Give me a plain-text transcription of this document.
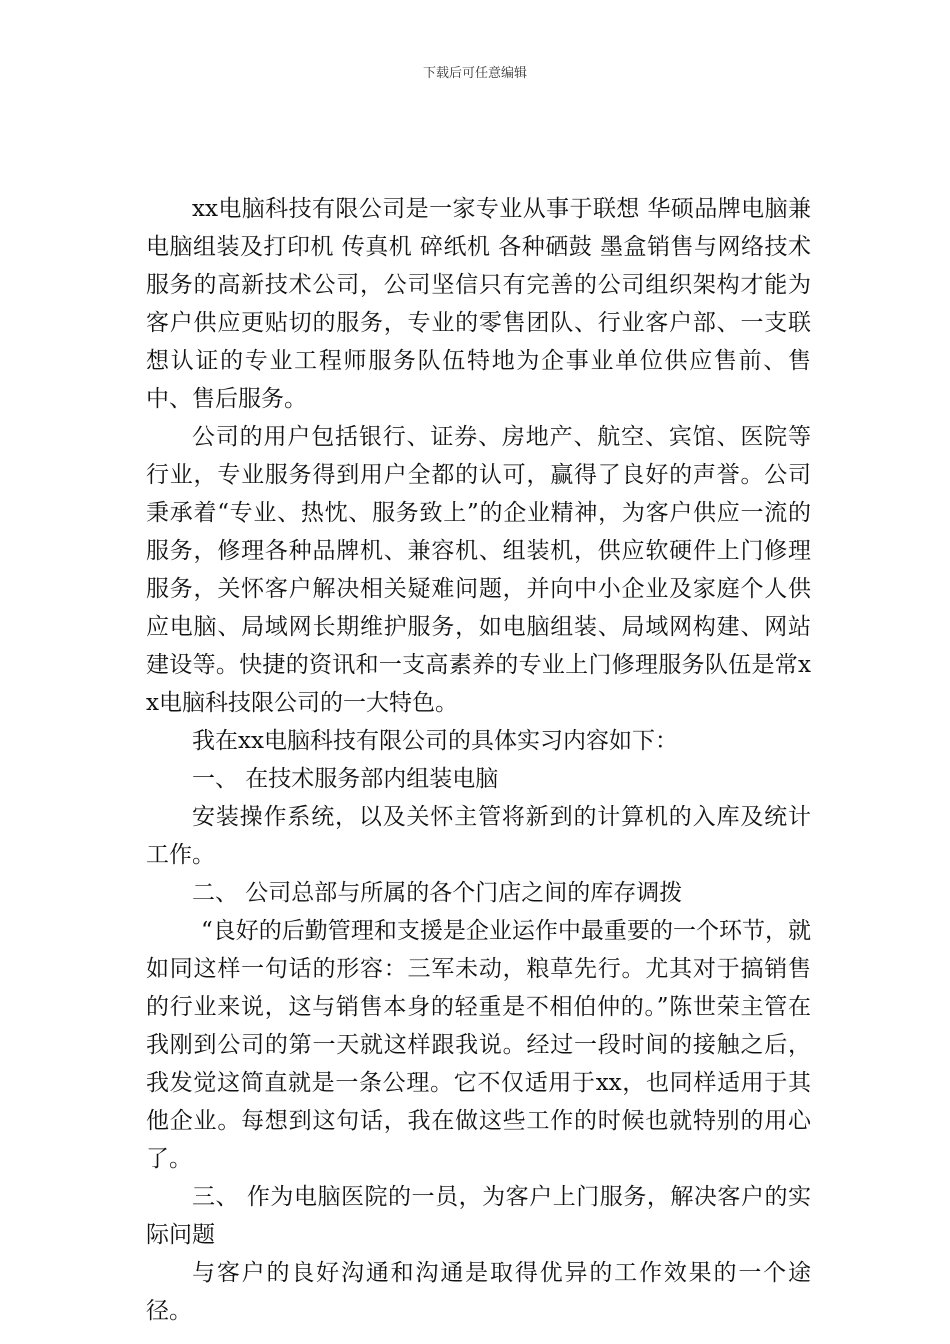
下载后可任意编辑

xx电脑科技有限公司是一家专业从事于联想 华硕品牌电脑兼电脑组装及打印机 传真机 碎纸机 各种硒鼓 墨盒销售与网络技术服务的高新技术公司，公司坚信只有完善的公司组织架构才能为客户供应更贴切的服务，专业的零售团队、行业客户部、一支联想认证的专业工程师服务队伍特地为企事业单位供应售前、售中、售后服务。

公司的用户包括银行、证券、房地产、航空、宾馆、医院等行业，专业服务得到用户全都的认可，赢得了良好的声誉。公司秉承着“专业、热忱、服务致上”的企业精神，为客户供应一流的服务，修理各种品牌机、兼容机、组装机，供应软硬件上门修理服务，关怀客户解决相关疑难问题，并向中小企业及家庭个人供应电脑、局域网长期维护服务，如电脑组装、局域网构建、网站建设等。快捷的资讯和一支高素养的专业上门修理服务队伍是常xx电脑科技限公司的一大特色。

我在xx电脑科技有限公司的具体实习内容如下：

一、 在技术服务部内组装电脑

安装操作系统，以及关怀主管将新到的计算机的入库及统计工作。

二、 公司总部与所属的各个门店之间的库存调拨

“良好的后勤管理和支援是企业运作中最重要的一个环节，就如同这样一句话的形容：三军未动，粮草先行。尤其对于搞销售的行业来说，这与销售本身的轻重是不相伯仲的。”陈世荣主管在我刚到公司的第一天就这样跟我说。经过一段时间的接触之后，我发觉这简直就是一条公理。它不仅适用于xx，也同样适用于其他企业。每想到这句话，我在做这些工作的时候也就特别的用心了。

三、 作为电脑医院的一员，为客户上门服务，解决客户的实际问题

与客户的良好沟通和沟通是取得优异的工作效果的一个途径。
